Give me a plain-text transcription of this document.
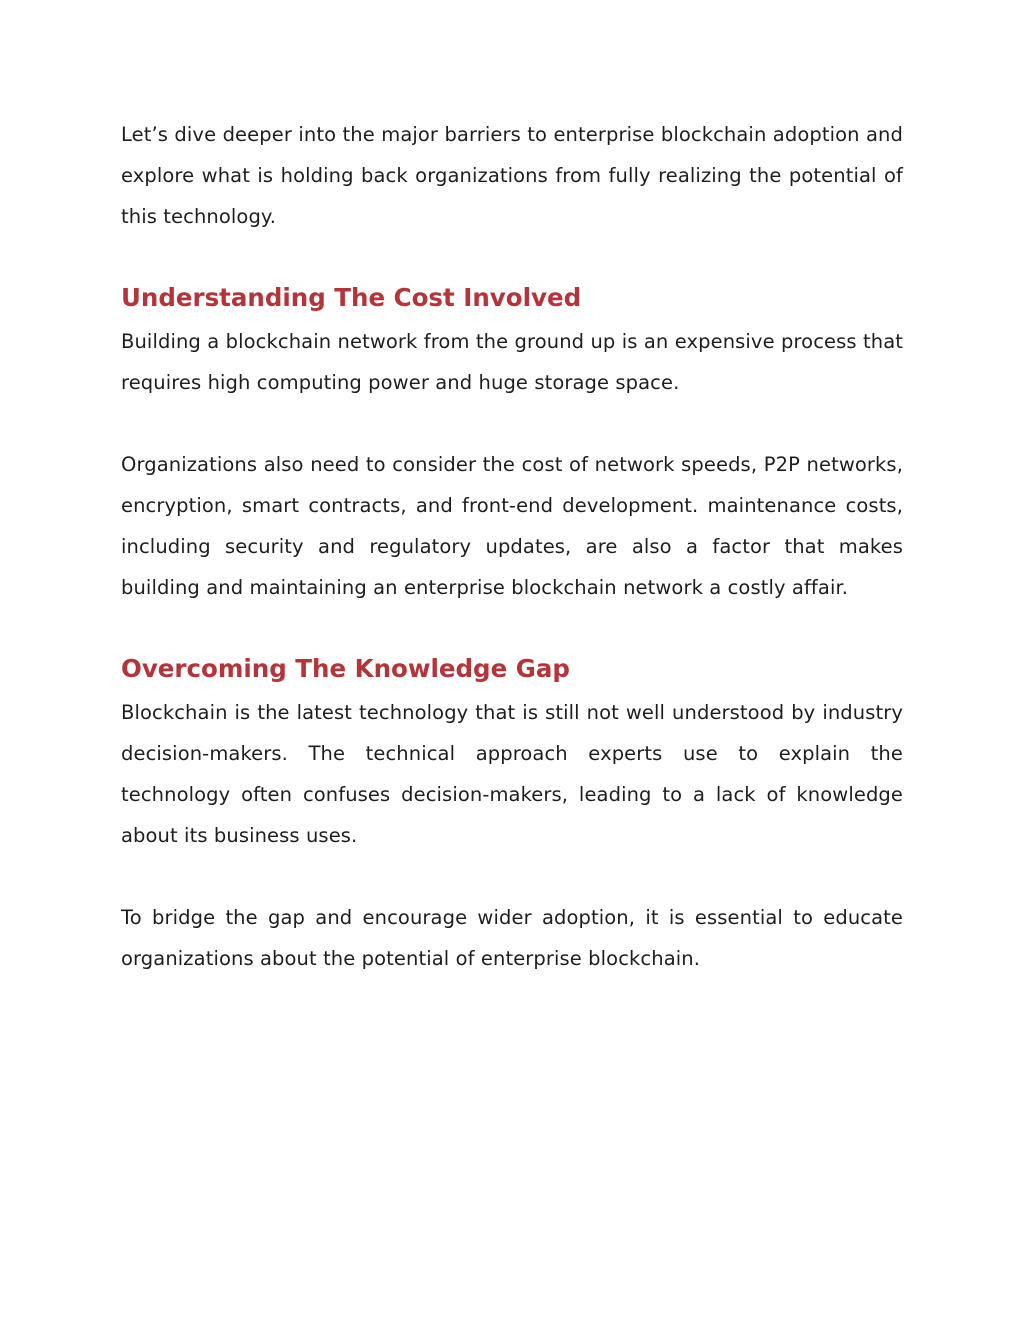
Let’s dive deeper into the major barriers to enterprise blockchain adoption and explore what is holding back organizations from fully realizing the potential of this technology.

Understanding The Cost Involved

Building a blockchain network from the ground up is an expensive process that requires high computing power and huge storage space.

Organizations also need to consider the cost of network speeds, P2P networks, encryption, smart contracts, and front-end development. maintenance costs, including security and regulatory updates, are also a factor that makes building and maintaining an enterprise blockchain network a costly affair.

Overcoming The Knowledge Gap

Blockchain is the latest technology that is still not well understood by industry decision-makers. The technical approach experts use to explain the technology often confuses decision-makers, leading to a lack of knowledge about its business uses.

To bridge the gap and encourage wider adoption, it is essential to educate organizations about the potential of enterprise blockchain.
